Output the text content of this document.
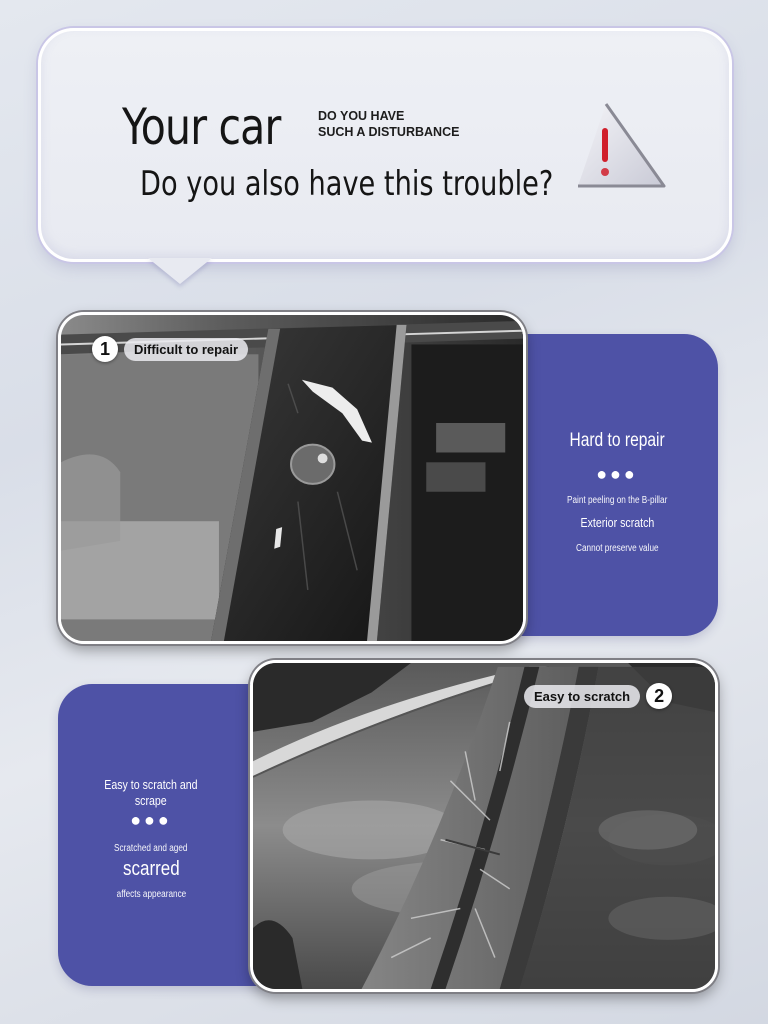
Your car	DO YOU HAVE
SUCH A DISTURBANCE
Do you also have this trouble?
Hard to repair
●●●
Paint peeling on the B-pillar
Exterior scratch
Cannot preserve value
1	Difficult to repair
Easy to scratch and
scrape
●●●
Scratched and aged
scarred
affects appearance
Easy to scratch	2
